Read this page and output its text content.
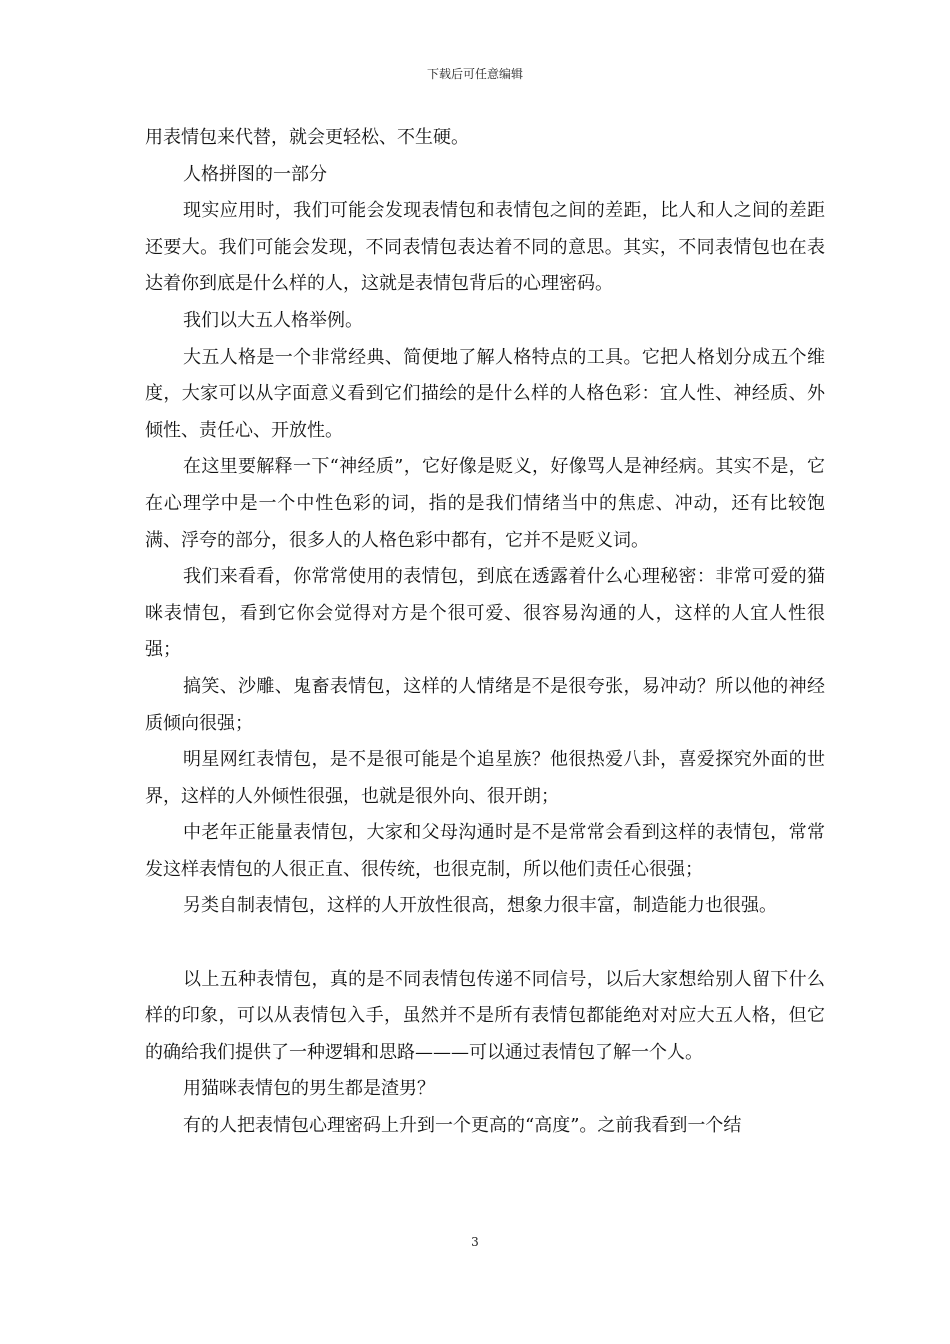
下载后可任意编辑

用表情包来代替，就会更轻松、不生硬。

人格拼图的一部分

现实应用时，我们可能会发现表情包和表情包之间的差距，比人和人之间的差距还要大。我们可能会发现，不同表情包表达着不同的意思。其实，不同表情包也在表达着你到底是什么样的人，这就是表情包背后的心理密码。

我们以大五人格举例。

大五人格是一个非常经典、简便地了解人格特点的工具。它把人格划分成五个维度，大家可以从字面意义看到它们描绘的是什么样的人格色彩：宜人性、神经质、外倾性、责任心、开放性。

在这里要解释一下“神经质”，它好像是贬义，好像骂人是神经病。其实不是，它在心理学中是一个中性色彩的词，指的是我们情绪当中的焦虑、冲动，还有比较饱满、浮夸的部分，很多人的人格色彩中都有，它并不是贬义词。

我们来看看，你常常使用的表情包，到底在透露着什么心理秘密：非常可爱的猫咪表情包，看到它你会觉得对方是个很可爱、很容易沟通的人，这样的人宜人性很强；

搞笑、沙雕、鬼畜表情包，这样的人情绪是不是很夸张，易冲动？所以他的神经质倾向很强；

明星网红表情包，是不是很可能是个追星族？他很热爱八卦，喜爱探究外面的世界，这样的人外倾性很强，也就是很外向、很开朗；

中老年正能量表情包，大家和父母沟通时是不是常常会看到这样的表情包，常常发这样表情包的人很正直、很传统，也很克制，所以他们责任心很强；

另类自制表情包，这样的人开放性很高，想象力很丰富，制造能力也很强。

以上五种表情包，真的是不同表情包传递不同信号，以后大家想给别人留下什么样的印象，可以从表情包入手，虽然并不是所有表情包都能绝对对应大五人格，但它的确给我们提供了一种逻辑和思路———可以通过表情包了解一个人。

用猫咪表情包的男生都是渣男？

有的人把表情包心理密码上升到一个更高的“高度”。之前我看到一个结

3
